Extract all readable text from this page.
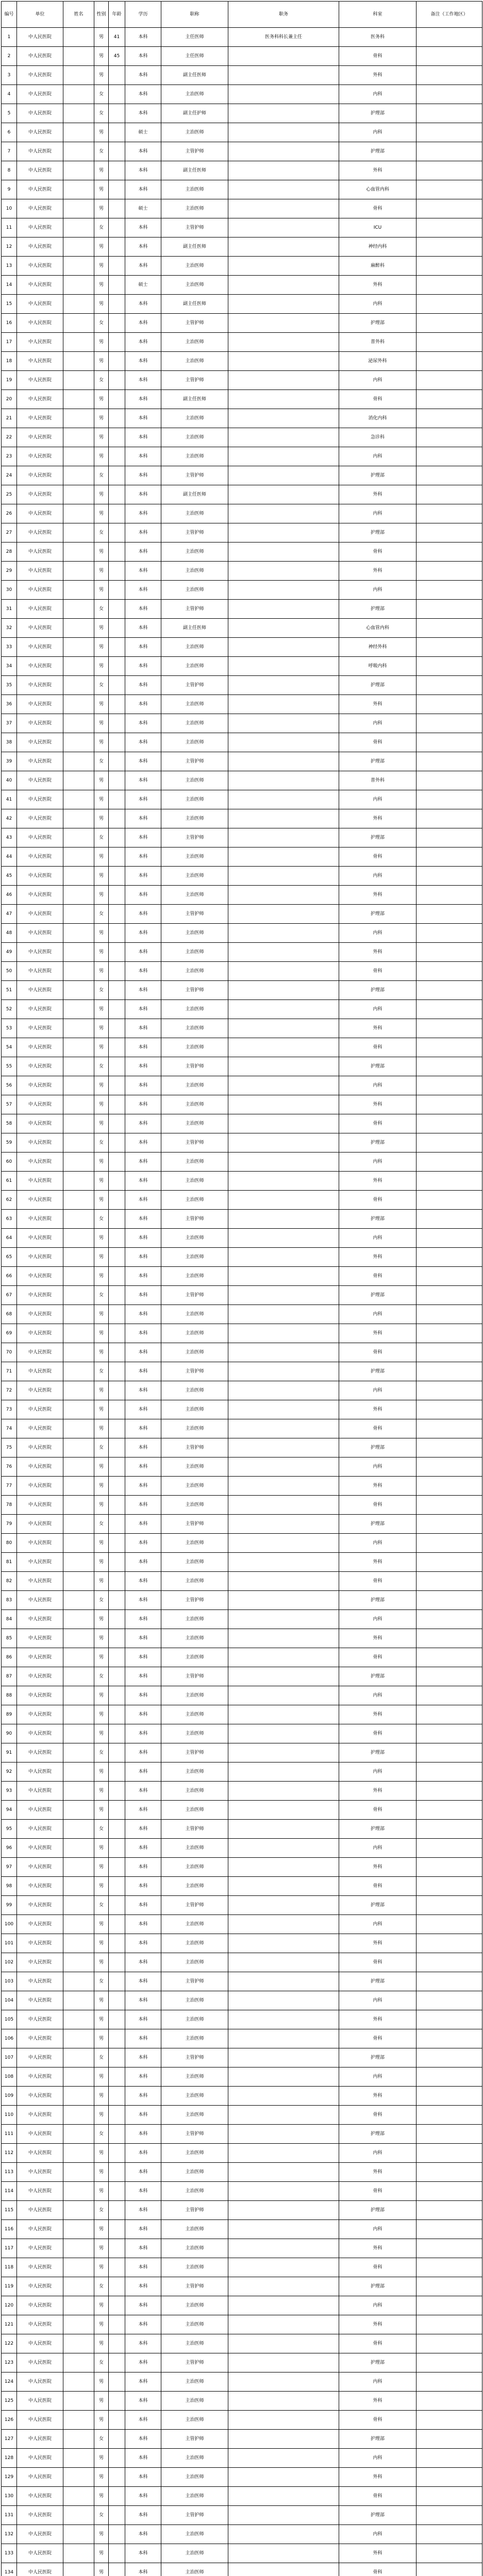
编号	单位	姓名	性别	年龄	学历	职称	职务	科室	备注（工作地区）
1	中人民医院		男	41	本科	主任医师	医务科科长兼主任	医务科	
2	中人民医院		男	45	本科	主任医师		骨科	
3	中人民医院		男		本科	副主任医师		外科	
4	中人民医院		女		本科	主治医师		内科	
5	中人民医院		女		本科	副主任护师		护理部	
6	中人民医院		男		硕士	主治医师		内科	
7	中人民医院		女		本科	主管护师		护理部	
8	中人民医院		男		本科	副主任医师		外科	
9	中人民医院		男		本科	主治医师		心血管内科	
10	中人民医院		男		硕士	主治医师		骨科	
11	中人民医院		女		本科	主管护师		ICU	
12	中人民医院		男		本科	副主任医师		神经内科	
13	中人民医院		男		本科	主治医师		麻醉科	
14	中人民医院		男		硕士	主治医师		外科	
15	中人民医院		男		本科	副主任医师		内科	
16	中人民医院		女		本科	主管护师		护理部	
17	中人民医院		男		本科	主治医师		普外科	
18	中人民医院		男		本科	主治医师		泌尿外科	
19	中人民医院		女		本科	主管护师		内科	
20	中人民医院		男		本科	副主任医师		骨科	
21	中人民医院		男		本科	主治医师		消化内科	
22	中人民医院		男		本科	主治医师		急诊科	
23	中人民医院		男		本科	主治医师		内科	
24	中人民医院		女		本科	主管护师		护理部	
25	中人民医院		男		本科	副主任医师		外科	
26	中人民医院		男		本科	主治医师		内科	
27	中人民医院		女		本科	主管护师		护理部	
28	中人民医院		男		本科	主治医师		骨科	
29	中人民医院		男		本科	主治医师		外科	
30	中人民医院		男		本科	主治医师		内科	
31	中人民医院		女		本科	主管护师		护理部	
32	中人民医院		男		本科	副主任医师		心血管内科	
33	中人民医院		男		本科	主治医师		神经外科	
34	中人民医院		男		本科	主治医师		呼吸内科	
35	中人民医院		女		本科	主管护师		护理部	
36	中人民医院		男		本科	主治医师		外科	
37	中人民医院		男		本科	主治医师		内科	
38	中人民医院		男		本科	主治医师		骨科	
39	中人民医院		女		本科	主管护师		护理部	
40	中人民医院		男		本科	主治医师		普外科	
41	中人民医院		男		本科	主治医师		内科	
42	中人民医院		男		本科	主治医师		外科	
43	中人民医院		女		本科	主管护师		护理部	
44	中人民医院		男		本科	主治医师		骨科	
45	中人民医院		男		本科	主治医师		内科	
46	中人民医院		男		本科	主治医师		外科	
47	中人民医院		女		本科	主管护师		护理部	
48	中人民医院		男		本科	主治医师		内科	
49	中人民医院		男		本科	主治医师		外科	
50	中人民医院		男		本科	主治医师		骨科	
51	中人民医院		女		本科	主管护师		护理部	
52	中人民医院		男		本科	主治医师		内科	
53	中人民医院		男		本科	主治医师		外科	
54	中人民医院		男		本科	主治医师		骨科	
55	中人民医院		女		本科	主管护师		护理部	
56	中人民医院		男		本科	主治医师		内科	
57	中人民医院		男		本科	主治医师		外科	
58	中人民医院		男		本科	主治医师		骨科	
59	中人民医院		女		本科	主管护师		护理部	
60	中人民医院		男		本科	主治医师		内科	
61	中人民医院		男		本科	主治医师		外科	
62	中人民医院		男		本科	主治医师		骨科	
63	中人民医院		女		本科	主管护师		护理部	
64	中人民医院		男		本科	主治医师		内科	
65	中人民医院		男		本科	主治医师		外科	
66	中人民医院		男		本科	主治医师		骨科	
67	中人民医院		女		本科	主管护师		护理部	
68	中人民医院		男		本科	主治医师		内科	
69	中人民医院		男		本科	主治医师		外科	
70	中人民医院		男		本科	主治医师		骨科	
71	中人民医院		女		本科	主管护师		护理部	
72	中人民医院		男		本科	主治医师		内科	
73	中人民医院		男		本科	主治医师		外科	
74	中人民医院		男		本科	主治医师		骨科	
75	中人民医院		女		本科	主管护师		护理部	
76	中人民医院		男		本科	主治医师		内科	
77	中人民医院		男		本科	主治医师		外科	
78	中人民医院		男		本科	主治医师		骨科	
79	中人民医院		女		本科	主管护师		护理部	
80	中人民医院		男		本科	主治医师		内科	
81	中人民医院		男		本科	主治医师		外科	
82	中人民医院		男		本科	主治医师		骨科	
83	中人民医院		女		本科	主管护师		护理部	
84	中人民医院		男		本科	主治医师		内科	
85	中人民医院		男		本科	主治医师		外科	
86	中人民医院		男		本科	主治医师		骨科	
87	中人民医院		女		本科	主管护师		护理部	
88	中人民医院		男		本科	主治医师		内科	
89	中人民医院		男		本科	主治医师		外科	
90	中人民医院		男		本科	主治医师		骨科	
91	中人民医院		女		本科	主管护师		护理部	
92	中人民医院		男		本科	主治医师		内科	
93	中人民医院		男		本科	主治医师		外科	
94	中人民医院		男		本科	主治医师		骨科	
95	中人民医院		女		本科	主管护师		护理部	
96	中人民医院		男		本科	主治医师		内科	
97	中人民医院		男		本科	主治医师		外科	
98	中人民医院		男		本科	主治医师		骨科	
99	中人民医院		女		本科	主管护师		护理部	
100	中人民医院		男		本科	主治医师		内科	
101	中人民医院		男		本科	主治医师		外科	
102	中人民医院		男		本科	主治医师		骨科	
103	中人民医院		女		本科	主管护师		护理部	
104	中人民医院		男		本科	主治医师		内科	
105	中人民医院		男		本科	主治医师		外科	
106	中人民医院		男		本科	主治医师		骨科	
107	中人民医院		女		本科	主管护师		护理部	
108	中人民医院		男		本科	主治医师		内科	
109	中人民医院		男		本科	主治医师		外科	
110	中人民医院		男		本科	主治医师		骨科	
111	中人民医院		女		本科	主管护师		护理部	
112	中人民医院		男		本科	主治医师		内科	
113	中人民医院		男		本科	主治医师		外科	
114	中人民医院		男		本科	主治医师		骨科	
115	中人民医院		女		本科	主管护师		护理部	
116	中人民医院		男		本科	主治医师		内科	
117	中人民医院		男		本科	主治医师		外科	
118	中人民医院		男		本科	主治医师		骨科	
119	中人民医院		女		本科	主管护师		护理部	
120	中人民医院		男		本科	主治医师		内科	
121	中人民医院		男		本科	主治医师		外科	
122	中人民医院		男		本科	主治医师		骨科	
123	中人民医院		女		本科	主管护师		护理部	
124	中人民医院		男		本科	主治医师		内科	
125	中人民医院		男		本科	主治医师		外科	
126	中人民医院		男		本科	主治医师		骨科	
127	中人民医院		女		本科	主管护师		护理部	
128	中人民医院		男		本科	主治医师		内科	
129	中人民医院		男		本科	主治医师		外科	
130	中人民医院		男		本科	主治医师		骨科	
131	中人民医院		女		本科	主管护师		护理部	
132	中人民医院		男		本科	主治医师		内科	
133	中人民医院		男		本科	主治医师		外科	
134	中人民医院		男		本科	主治医师		骨科	
